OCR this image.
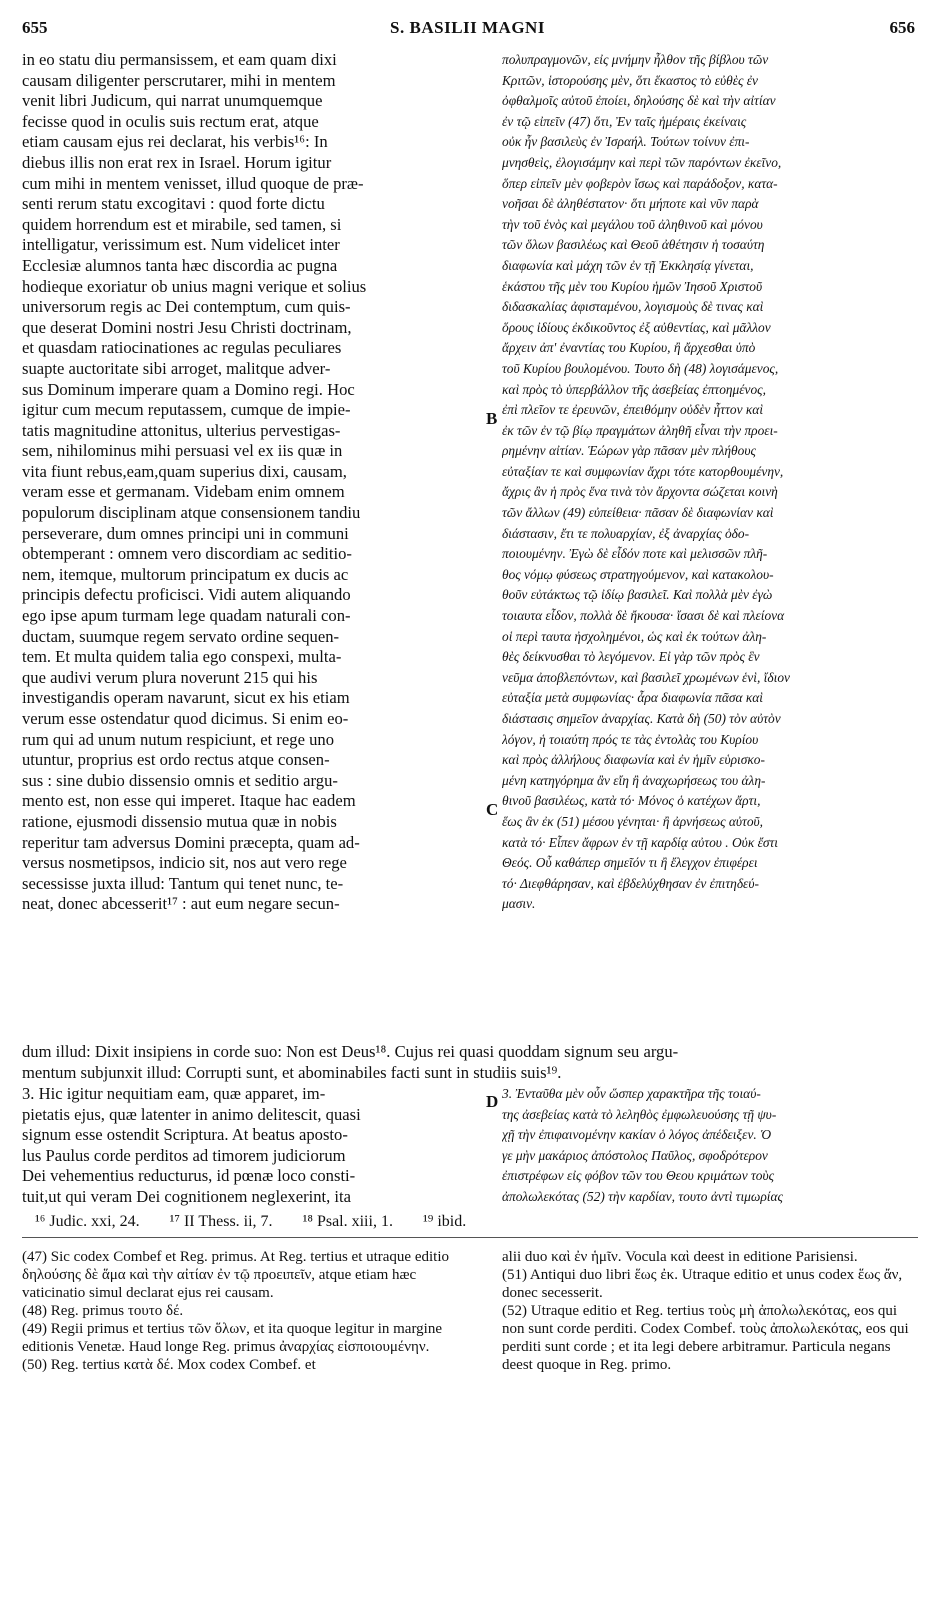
655	S. BASILII MAGNI	656
in eo statu diu permansissem, et eam quam dixi
causam diligenter perscrutarer, mihi in mentem
venit libri Judicum, qui narrat unumquemque
fecisse quod in oculis suis rectum erat, atque
etiam causam ejus rei declarat, his verbis¹⁶: In
diebus illis non erat rex in Israel. Horum igitur
cum mihi in mentem venisset, illud quoque de præ-
senti rerum statu excogitavi : quod forte dictu
quidem horrendum est et mirabile, sed tamen, si
intelligatur, verissimum est. Num videlicet inter
Ecclesiæ alumnos tanta hæc discordia ac pugna
hodieque exoriatur ob unius magni verique et solius
universorum regis ac Dei contemptum, cum quis-
que deserat Domini nostri Jesu Christi doctrinam,
et quasdam ratiocinationes ac regulas peculiares
suapte auctoritate sibi arroget, malitque adver-
sus Dominum imperare quam a Domino regi. Hoc
igitur cum mecum reputassem, cumque de impie-
tatis magnitudine attonitus, ulterius pervestigas-
sem, nihilominus mihi persuasi vel ex iis quæ in
vita fiunt rebus,eam,quam superius dixi, causam,
veram esse et germanam. Videbam enim omnem
populorum disciplinam atque consensionem tandiu
perseverare, dum omnes principi uni in communi
obtemperant : omnem vero discordiam ac seditio-
nem, itemque, multorum principatum ex ducis ac
principis defectu proficisci. Vidi autem aliquando
ego ipse apum turmam lege quadam naturali con-
ductam, suumque regem servato ordine sequen-
tem. Et multa quidem talia ego conspexi, multa-
que audivi verum plura noverunt 215 qui his
investigandis operam navarunt, sicut ex his etiam
verum esse ostendatur quod dicimus. Si enim eo-
rum qui ad unum nutum respiciunt, et rege uno
utuntur, proprius est ordo rectus atque consen-
sus : sine dubio dissensio omnis et seditio argu-
mento est, non esse qui imperet. Itaque hac eadem
ratione, ejusmodi dissensio mutua quæ in nobis
reperitur tam adversus Domini præcepta, quam ad-
versus nosmetipsos, indicio sit, nos aut vero rege
secessisse juxta illud: Tantum qui tenet nunc, te-
neat, donec abcesserit¹⁷ : aut eum negare secun-
πολυπραγμονῶν, εἰς μνήμην ἦλθον τῆς βίβλου τῶν
Κριτῶν, ἱστορούσης μὲν, ὅτι ἕκαστος τὸ εὐθὲς ἐν
ὀφθαλμοῖς αὐτοῦ ἐποίει, δηλούσης δὲ καὶ τὴν αἰτίαν
ἐν τῷ εἰπεῖν (47) ὅτι, Ἐν ταῖς ἡμέραις ἐκείναις
οὐκ ἦν βασιλεὺς ἐν Ἰσραήλ. Τούτων τοίνυν ἐπι-
μνησθεὶς, ἐλογισάμην καὶ περὶ τῶν παρόντων ἐκεῖνο,
ὅπερ εἰπεῖν μὲν φοβερὸν ἴσως καὶ παράδοξον, κατα-
νοῆσαι δὲ ἀληθέστατον· ὅτι μήποτε καὶ νῦν παρὰ
τὴν τοῦ ἑνὸς καὶ μεγάλου τοῦ ἀληθινοῦ καὶ μόνου
τῶν ὅλων βασιλέως καὶ Θεοῦ ἀθέτησιν ἡ τοσαύτη
διαφωνία καὶ μάχη τῶν ἐν τῇ Ἐκκλησίᾳ γίνεται,
ἑκάστου τῆς μὲν του Κυρίου ἡμῶν Ἰησοῦ Χριστοῦ
διδασκαλίας ἀφισταμένου, λογισμοὺς δὲ τινας καὶ
ὅρους ἰδίους ἐκδικοῦντος ἐξ αὐθεντίας, καὶ μᾶλλον
ἄρχειν ἀπ' ἐναντίας του Κυρίου, ἢ ἄρχεσθαι ὑπὸ
τοῦ Κυρίου βουλομένου. Τουτο δὴ (48) λογισάμενος,
καὶ πρὸς τὸ ὑπερβάλλον τῆς ἀσεβείας ἐπτοημένος,
ἐπὶ πλεῖον τε ἐρευνῶν, ἐπειθόμην οὐδὲν ἧττον καὶ
ἐκ τῶν ἐν τῷ βίῳ πραγμάτων ἀληθῆ εἶναι τὴν προει-
ρημένην αἰτίαν. Ἑώρων γὰρ πᾶσαν μὲν πλήθους
εὐταξίαν τε καὶ συμφωνίαν ἄχρι τότε κατορθουμένην,
ἄχρις ἂν ἡ πρὸς ἕνα τινὰ τὸν ἄρχοντα σώζεται κοινὴ
τῶν ἄλλων (49) εὐπείθεια· πᾶσαν δὲ διαφωνίαν καὶ
διάστασιν, ἔτι τε πολυαρχίαν, ἐξ ἀναρχίας ὁδο-
ποιουμένην. Ἐγὼ δὲ εἶδόν ποτε καὶ μελισσῶν πλῆ-
θος νόμῳ φύσεως στρατηγούμενον, καὶ κατακολου-
θοῦν εὐτάκτως τῷ ἰδίῳ βασιλεῖ. Καὶ πολλὰ μὲν ἐγὼ
τοιαυτα εἶδον, πολλὰ δὲ ἤκουσα· ἴσασι δὲ καὶ πλείονα
οἱ περὶ ταυτα ἠσχολημένοι, ὡς καὶ ἐκ τούτων ἀλη-
θὲς δείκνυσθαι τὸ λεγόμενον. Εἰ γὰρ τῶν πρὸς ἓν
νεῦμα ἀποβλεπόντων, καὶ βασιλεῖ χρωμένων ἑνὶ, ἴδιον
εὐταξία μετὰ συμφωνίας· ἆρα διαφωνία πᾶσα καὶ
διάστασις σημεῖον ἀναρχίας. Κατὰ δὴ (50) τὸν αὐτὸν
λόγον, ἡ τοιαύτη πρός τε τὰς ἐντολὰς του Κυρίου
καὶ πρὸς ἀλλήλους διαφωνία καὶ ἐν ἡμῖν εὑρισκο-
μένη κατηγόρημα ἂν εἴη ἢ ἀναχωρήσεως του ἀλη-
θινοῦ βασιλέως, κατὰ τό· Μόνος ὁ κατέχων ἄρτι,
ἕως ἂν ἐκ (51) μέσου γένηται· ἢ ἀρνήσεως αὐτοῦ,
κατὰ τό· Εἶπεν ἄφρων ἐν τῇ καρδίᾳ αὐτου . Οὐκ ἔστι
Θεός. Οὗ καθάπερ σημεῖόν τι ἢ ἔλεγχον ἐπιφέρει
τό· Διεφθάρησαν, καὶ ἐβδελύχθησαν ἐν ἐπιτηδεύ-
μασιν.
dum illud: Dixit insipiens in corde suo: Non est Deus¹⁸. Cujus rei quasi quoddam signum seu argu-
mentum subjunxit illud: Corrupti sunt, et abominabiles facti sunt in studiis suis¹⁹.
3. Hic igitur nequitiam eam, quæ apparet, im-
pietatis ejus, quæ latenter in animo delitescit, quasi
signum esse ostendit Scriptura. At beatus aposto-
lus Paulus corde perditos ad timorem judiciorum
Dei vehementius reducturus, id pœnæ loco consti-
tuit,ut qui veram Dei cognitionem neglexerint, ita
3. Ἐνταῦθα μὲν οὖν ὥσπερ χαρακτῆρα τῆς τοιαύ-
της ἀσεβείας κατὰ τὸ λεληθὸς ἐμφωλευούσης τῇ ψυ-
χῇ τὴν ἐπιφαινομένην κακίαν ὁ λόγος ἀπέδειξεν. Ὁ
γε μὴν μακάριος ἀπόστολος Παῦλος, σφοδρότερον
ἐπιστρέφων εἰς φόβον τῶν του Θεου κριμάτων τοὺς
ἀπολωλεκότας (52) τὴν καρδίαν, τουτο ἀντὶ τιμωρίας
B
C
D
¹⁶ Judic. xxi, 24. ¹⁷ II Thess. ii, 7. ¹⁸ Psal. xiii, 1. ¹⁹ ibid.

(47) Sic codex Combef et Reg. primus. At Reg. tertius et utraque editio δηλούσης δὲ ἅμα καὶ τὴν αἰτίαν ἐν τῷ προειπεῖν, atque etiam hæc vaticinatio simul declarat ejus rei causam.

(48) Reg. primus τουτο δέ.

(49) Regii primus et tertius τῶν ὅλων, et ita quoque legitur in margine editionis Venetæ. Haud longe Reg. primus ἀναρχίας εἰσποιουμένην.

(50) Reg. tertius κατὰ δέ. Mox codex Combef. et

alii duo καὶ ἐν ἡμῖν. Vocula καὶ deest in editione Parisiensi.

(51) Antiqui duo libri ἕως ἐκ. Utraque editio et unus codex ἕως ἄν, donec secesserit.

(52) Utraque editio et Reg. tertius τοὺς μὴ ἀπολωλεκότας, eos qui non sunt corde perditi. Codex Combef. τοὺς ἀπολωλεκότας, eos qui perditi sunt corde ; et ita legi debere arbitramur. Particula negans deest quoque in Reg. primo.
